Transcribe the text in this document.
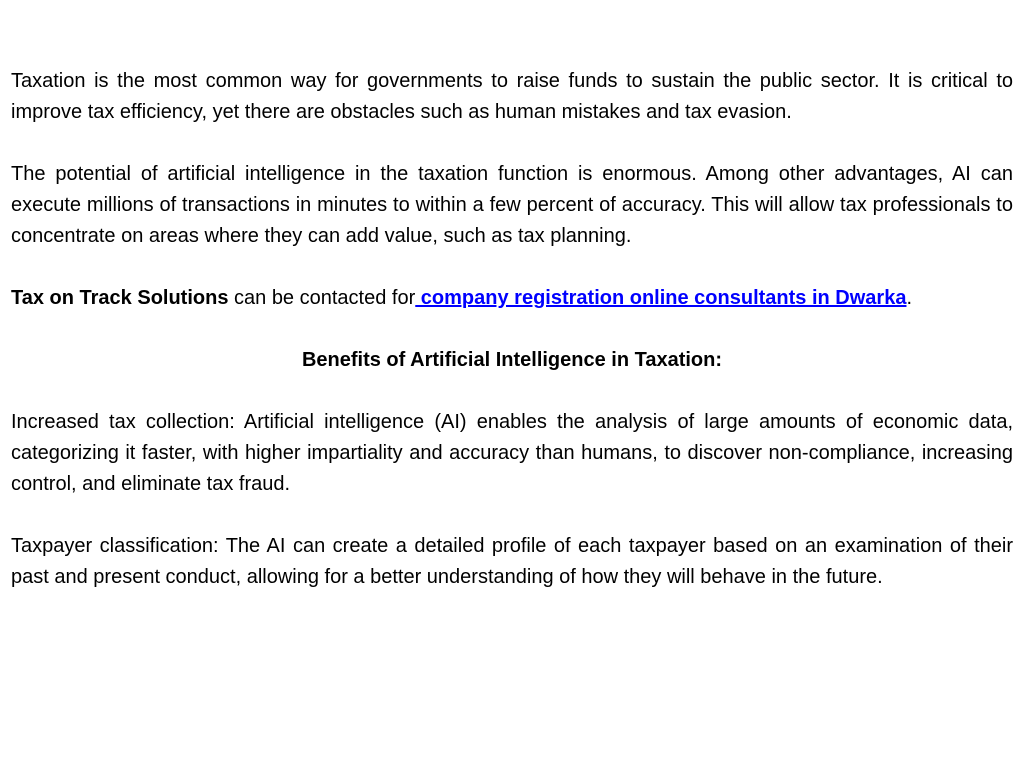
Taxation is the most common way for governments to raise funds to sustain the public sector. It is critical to improve tax efficiency, yet there are obstacles such as human mistakes and tax evasion.

The potential of artificial intelligence in the taxation function is enormous. Among other advantages, AI can execute millions of transactions in minutes to within a few percent of accuracy. This will allow tax professionals to concentrate on areas where they can add value, such as tax planning.

Tax on Track Solutions can be contacted for company registration online consultants in Dwarka.

Benefits of Artificial Intelligence in Taxation:

Increased tax collection: Artificial intelligence (AI) enables the analysis of large amounts of economic data, categorizing it faster, with higher impartiality and accuracy than humans, to discover non-compliance, increasing control, and eliminate tax fraud.

Taxpayer classification: The AI can create a detailed profile of each taxpayer based on an examination of their past and present conduct, allowing for a better understanding of how they will behave in the future.
